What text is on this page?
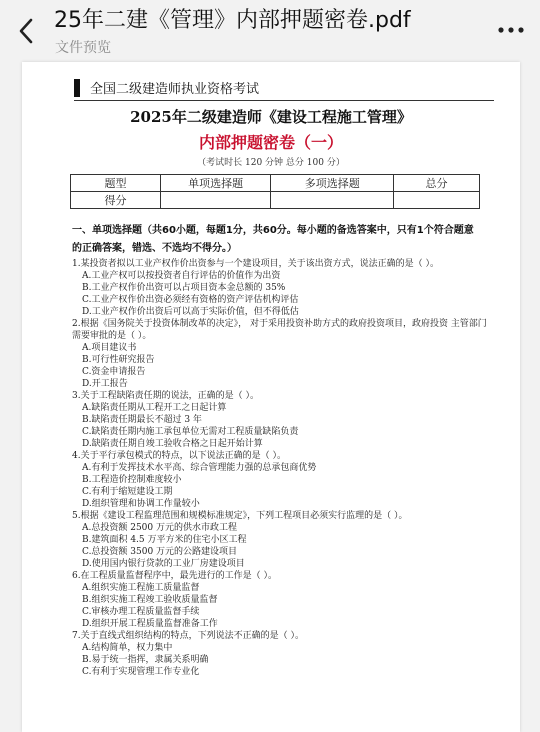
25年二建《管理》内部押题密卷.pdf
文件预览
全国二级建造师执业资格考试
2025年二级建造师《建设工程施工管理》
内部押题密卷（一）
（考试时长 120 分钟 总分 100 分）
题型	单项选择题	多项选择题	总分
得分			
一、单项选择题（共60小题，每题1分，共60分。每小题的备选答案中，只有1个符合题意的正确答案，错选、不选均不得分。）

1.某投资者拟以工业产权作价出资参与一个建设项目，关于该出资方式，说法正确的是（ ）。

A.工业产权可以按投资者自行评估的价值作为出资

B.工业产权作价出资可以占项目资本金总额的 35%

C.工业产权作价出资必须经有资格的资产评估机构评估

D.工业产权作价出资后可以高于实际价值，但不得低估

2.根据《国务院关于投资体制改革的决定》， 对于采用投资补助方式的政府投资项目，政府投资 主管部门需要审批的是（ ）。

A.项目建议书

B.可行性研究报告

C.资金申请报告

D.开工报告

3.关于工程缺陷责任期的说法，正确的是（ ）。

A.缺陷责任期从工程开工之日起计算

B.缺陷责任期最长不超过 3 年

C.缺陷责任期内施工承包单位无需对工程质量缺陷负责

D.缺陷责任期自竣工验收合格之日起开始计算

4.关于平行承包模式的特点，以下说法正确的是（ ）。

A.有利于发挥技术水平高、综合管理能力强的总承包商优势

B.工程造价控制难度较小

C.有利于缩短建设工期

D.组织管理和协调工作量较小

5.根据《建设工程监理范围和规模标准规定》，下列工程项目必须实行监理的是（ ）。

A.总投资额 2500 万元的供水市政工程

B.建筑面积 4.5 万平方米的住宅小区工程

C.总投资额 3500 万元的公路建设项目

D.使用国内银行贷款的工业厂房建设项目

6.在工程质量监督程序中，最先进行的工作是（ ）。

A.组织实施工程施工质量监督

B.组织实施工程竣工验收质量监督

C.审核办理工程质量监督手续

D.组织开展工程质量监督准备工作

7.关于直线式组织结构的特点，下列说法不正确的是（ ）。

A.结构简单，权力集中

B.易于统一指挥，隶属关系明确

C.有利于实现管理工作专业化
